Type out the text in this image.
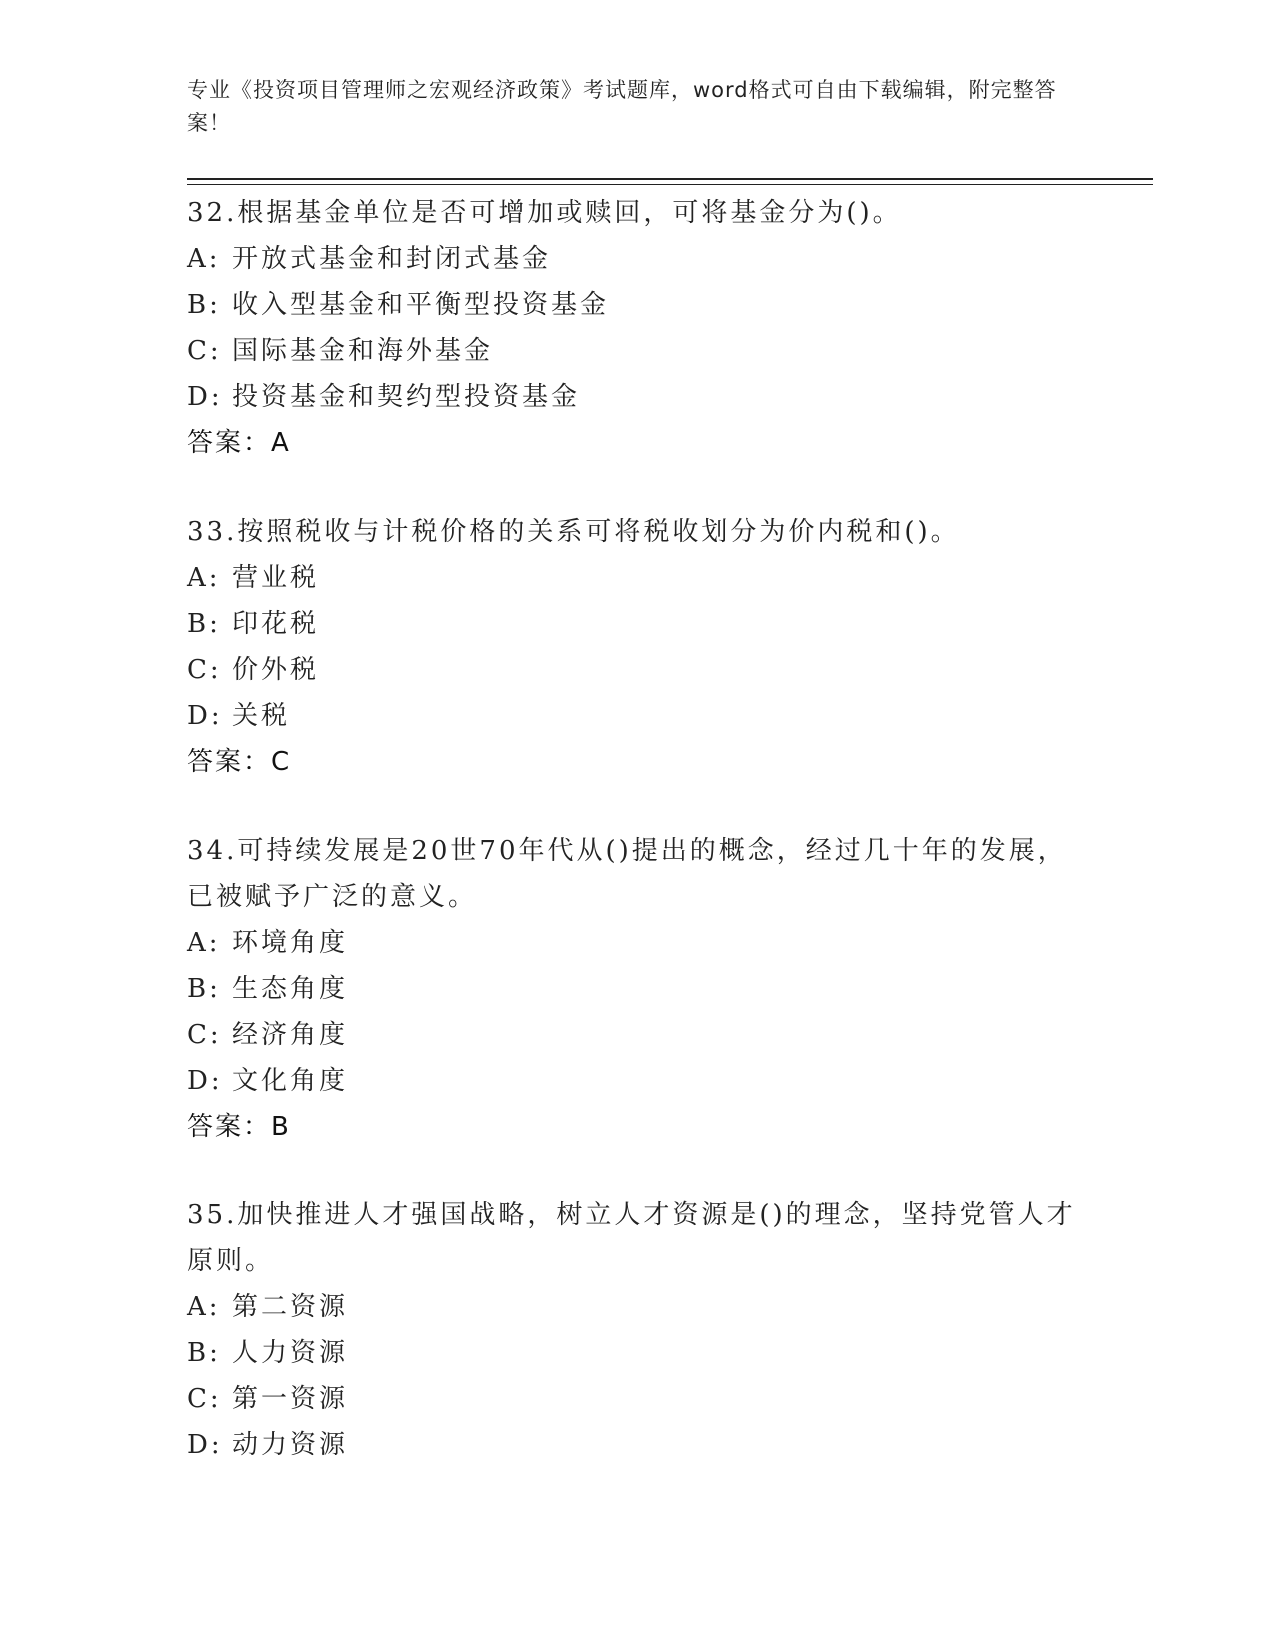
专业《投资项目管理师之宏观经济政策》考试题库，word格式可自由下载编辑，附完整答案！
32.根据基金单位是否可增加或赎回，可将基金分为()。
A: 开放式基金和封闭式基金
B: 收入型基金和平衡型投资基金
C: 国际基金和海外基金
D: 投资基金和契约型投资基金
答案：A
33.按照税收与计税价格的关系可将税收划分为价内税和()。
A: 营业税
B: 印花税
C: 价外税
D: 关税
答案：C
34.可持续发展是20世70年代从()提出的概念，经过几十年的发展，已被赋予广泛的意义。
A: 环境角度
B: 生态角度
C: 经济角度
D: 文化角度
答案：B
35.加快推进人才强国战略，树立人才资源是()的理念，坚持党管人才原则。
A: 第二资源
B: 人力资源
C: 第一资源
D: 动力资源
